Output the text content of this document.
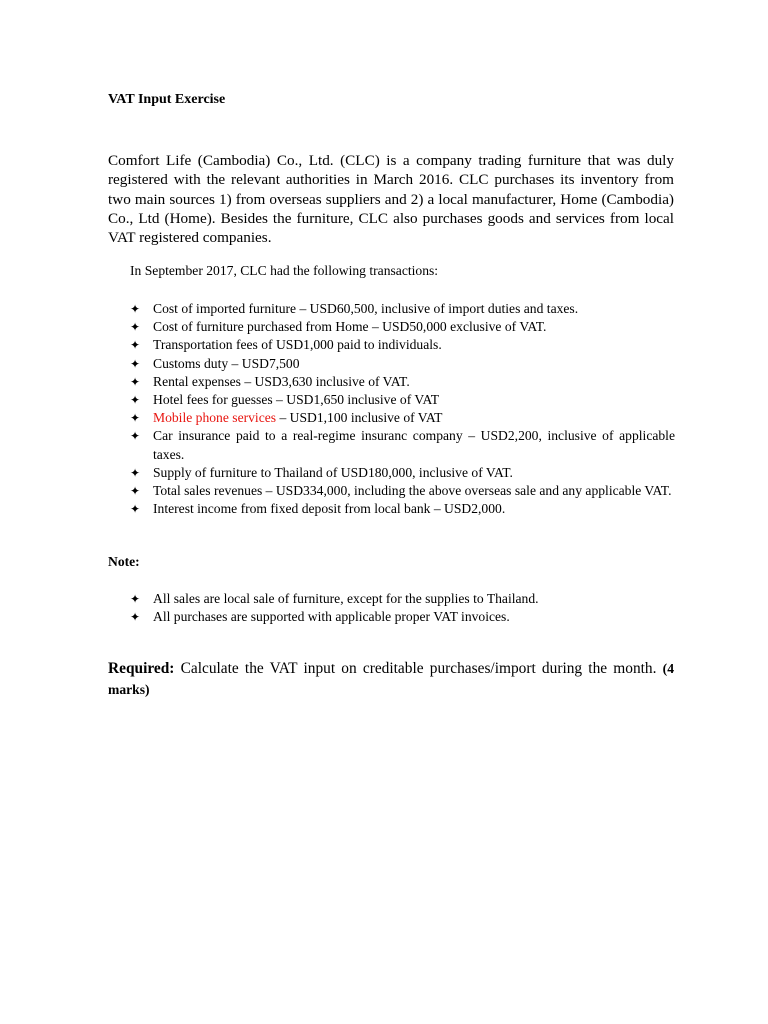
VAT Input Exercise

Comfort Life (Cambodia) Co., Ltd. (CLC) is a company trading furniture that was duly registered with the relevant authorities in March 2016. CLC purchases its inventory from two main sources 1) from overseas suppliers and 2) a local manufacturer, Home (Cambodia) Co., Ltd (Home). Besides the furniture, CLC also purchases goods and services from local VAT registered companies.

In September 2017, CLC had the following transactions:
✦ Cost of imported furniture – USD60,500, inclusive of import duties and taxes.
✦ Cost of furniture purchased from Home – USD50,000 exclusive of VAT.
✦ Transportation fees of USD1,000 paid to individuals.
✦ Customs duty – USD7,500
✦ Rental expenses – USD3,630 inclusive of VAT.
✦ Hotel fees for guesses – USD1,650 inclusive of VAT
✦ Mobile phone services – USD1,100 inclusive of VAT
✦ Car insurance paid to a real-regime insuranc company – USD2,200, inclusive of applicable taxes.
✦ Supply of furniture to Thailand of USD180,000, inclusive of VAT.
✦ Total sales revenues – USD334,000, including the above overseas sale and any applicable VAT.
✦ Interest income from fixed deposit from local bank – USD2,000.
Note:
✦ All sales are local sale of furniture, except for the supplies to Thailand.
✦ All purchases are supported with applicable proper VAT invoices.

Required: Calculate the VAT input on creditable purchases/import during the month. (4 marks)
